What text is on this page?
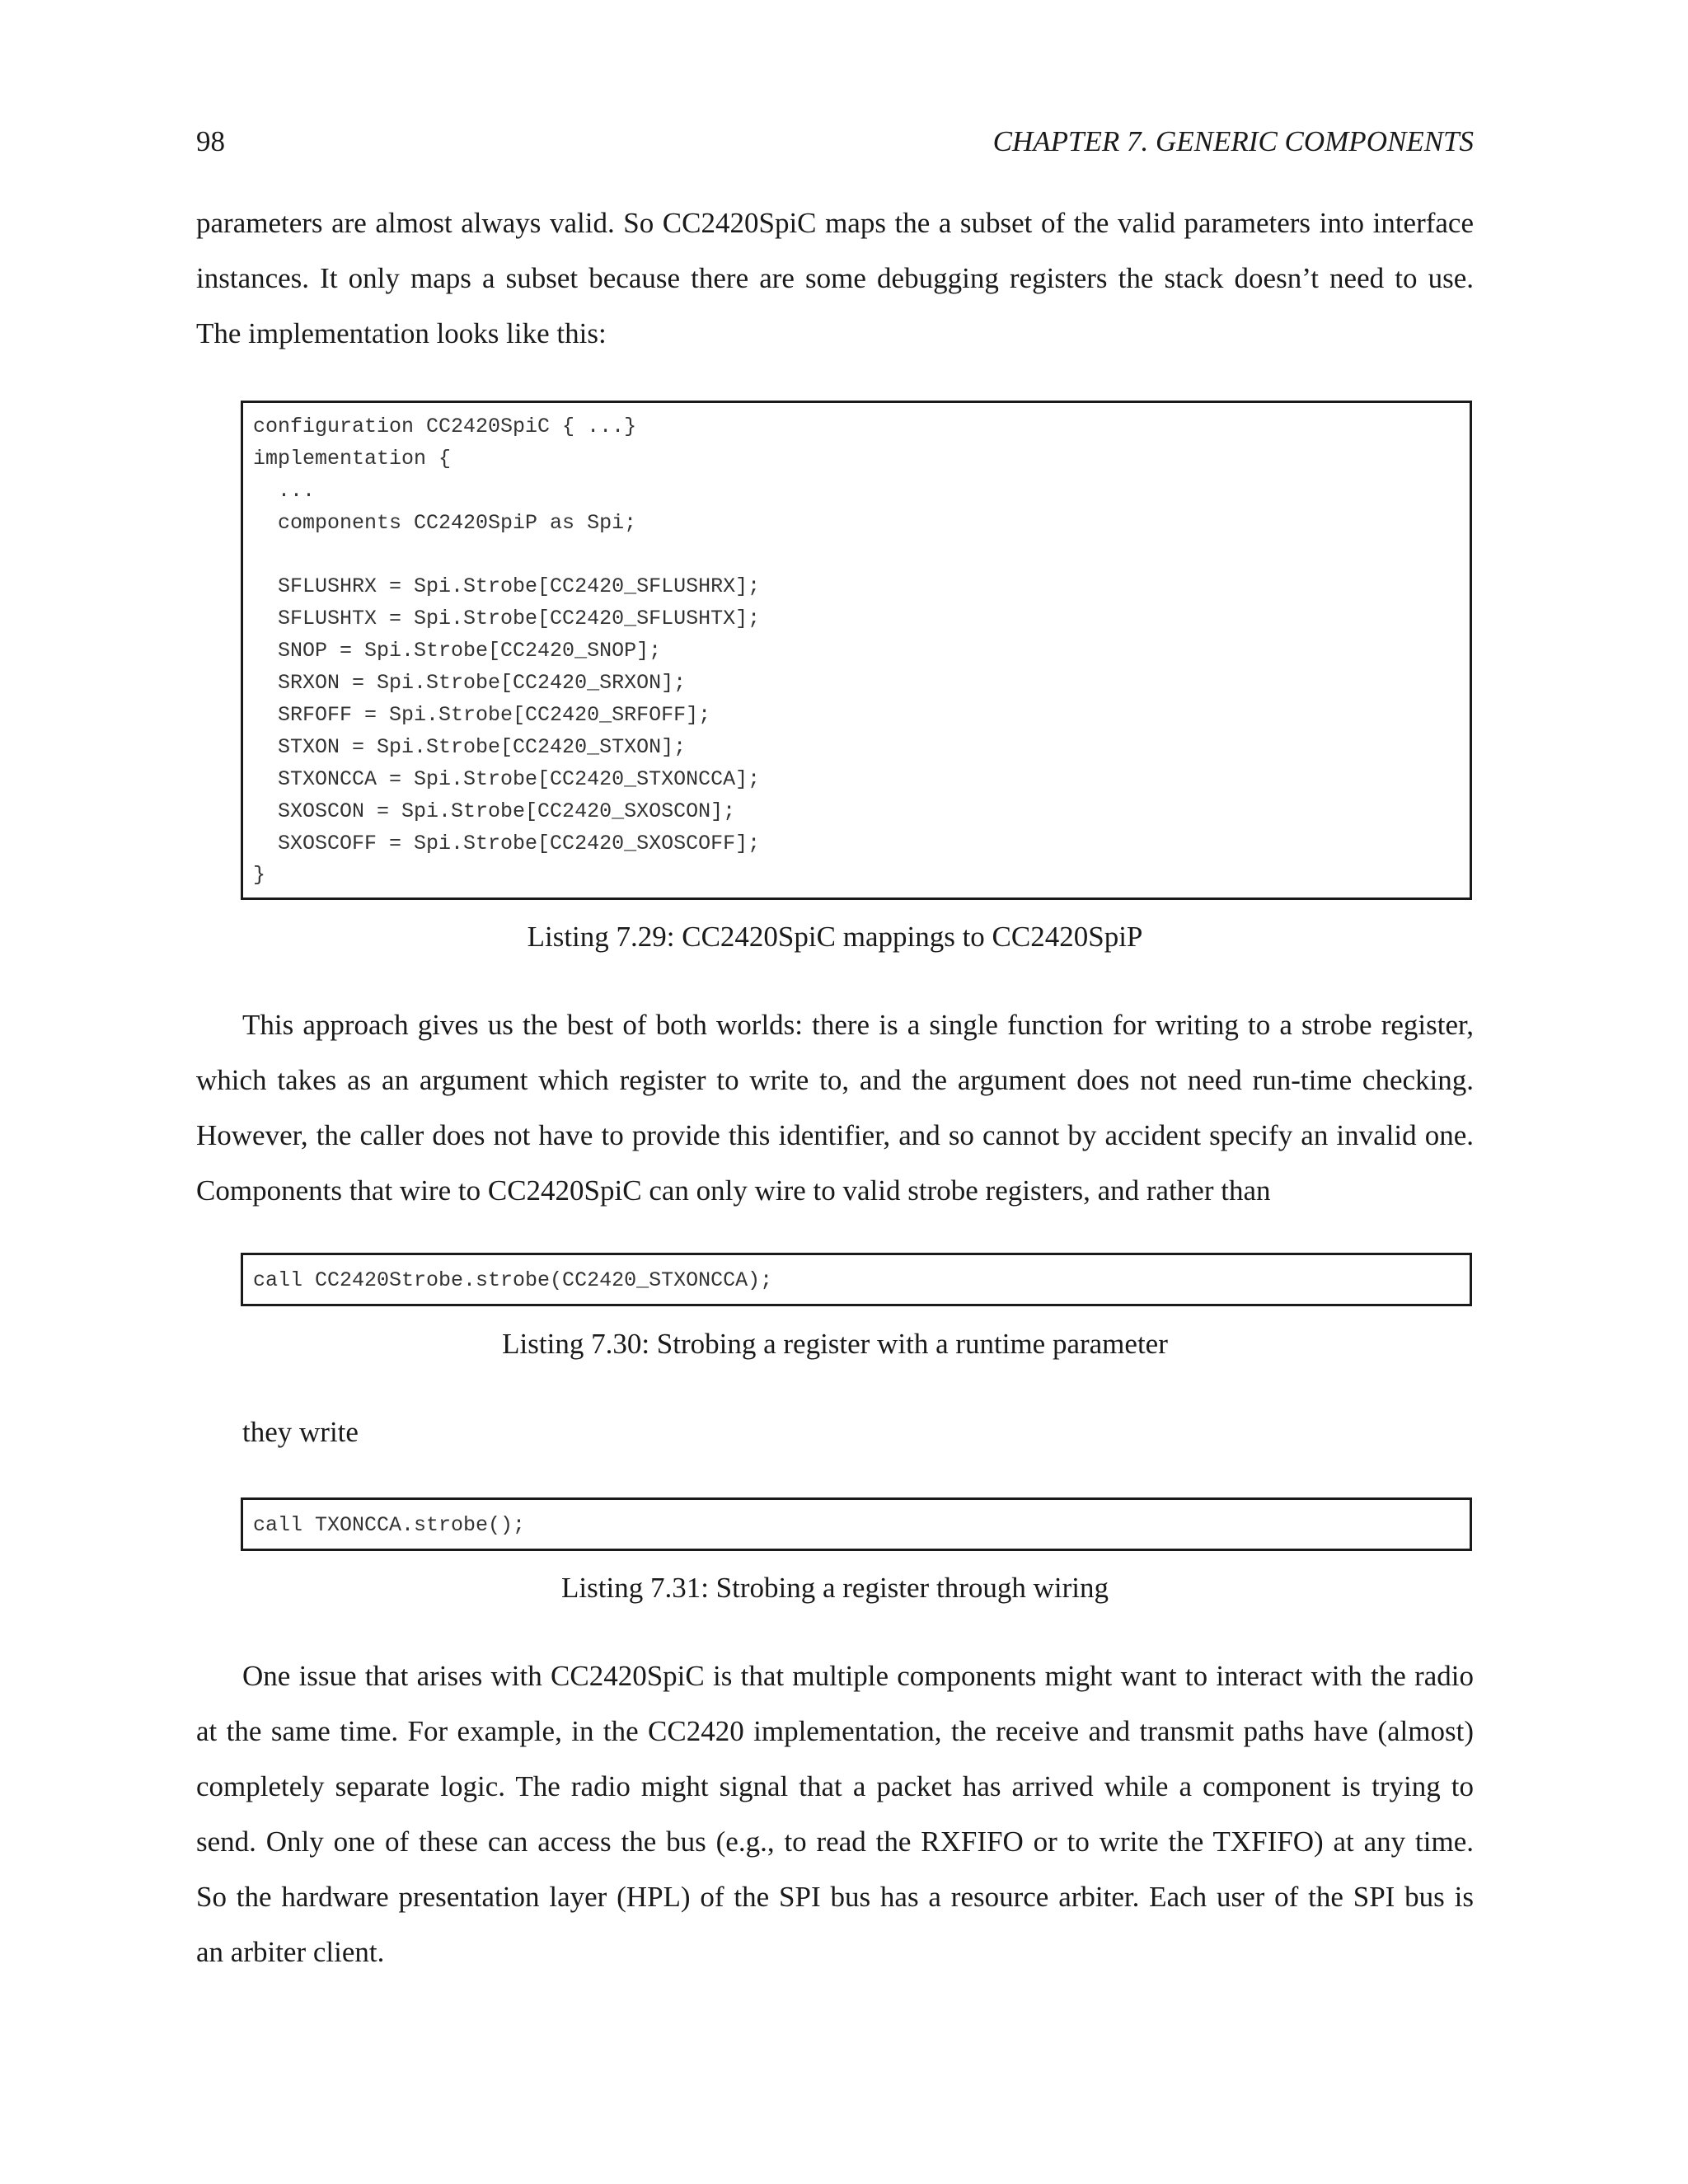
98	CHAPTER 7. GENERIC COMPONENTS
parameters are almost always valid. So CC2420SpiC maps the a subset of the valid parameters into interface
instances. It only maps a subset because there are some debugging registers the stack doesn’t need to use.
The implementation looks like this:
configuration CC2420SpiC { ...}
implementation {
...
components CC2420SpiP as Spi;
SFLUSHRX = Spi.Strobe[CC2420_SFLUSHRX];
SFLUSHTX = Spi.Strobe[CC2420_SFLUSHTX];
SNOP = Spi.Strobe[CC2420_SNOP];
SRXON = Spi.Strobe[CC2420_SRXON];
SRFOFF = Spi.Strobe[CC2420_SRFOFF];
STXON = Spi.Strobe[CC2420_STXON];
STXONCCA = Spi.Strobe[CC2420_STXONCCA];
SXOSCON = Spi.Strobe[CC2420_SXOSCON];
SXOSCOFF = Spi.Strobe[CC2420_SXOSCOFF];
}
Listing 7.29: CC2420SpiC mappings to CC2420SpiP
This approach gives us the best of both worlds: there is a single function for writing to a strobe register,
which takes as an argument which register to write to, and the argument does not need run-time checking.
However, the caller does not have to provide this identifier, and so cannot by accident specify an invalid one.
Components that wire to CC2420SpiC can only wire to valid strobe registers, and rather than
call CC2420Strobe.strobe(CC2420_STXONCCA);
Listing 7.30: Strobing a register with a runtime parameter
they write
call TXONCCA.strobe();
Listing 7.31: Strobing a register through wiring
One issue that arises with CC2420SpiC is that multiple components might want to interact with the radio
at the same time. For example, in the CC2420 implementation, the receive and transmit paths have (almost)
completely separate logic. The radio might signal that a packet has arrived while a component is trying to
send. Only one of these can access the bus (e.g., to read the RXFIFO or to write the TXFIFO) at any time.
So the hardware presentation layer (HPL) of the SPI bus has a resource arbiter. Each user of the SPI bus is
an arbiter client.
